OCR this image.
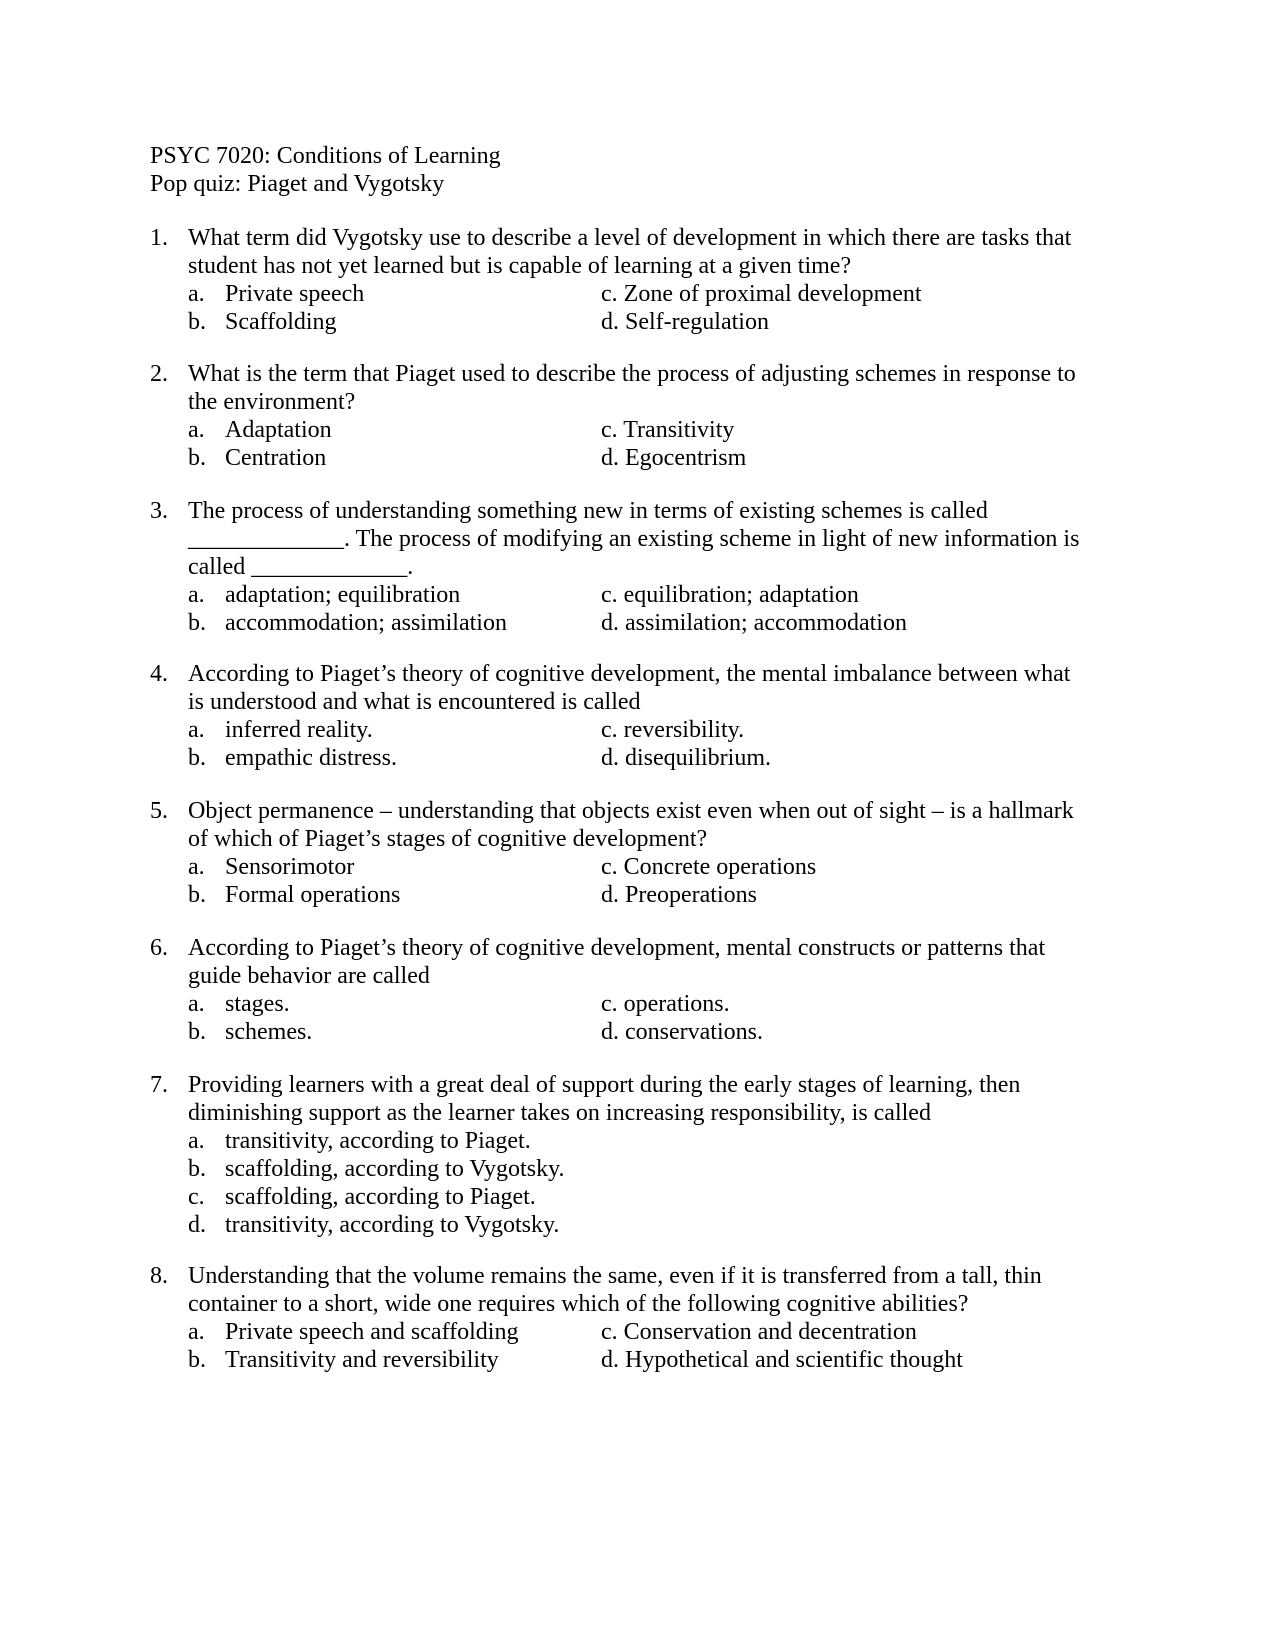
PSYC 7020: Conditions of Learning
Pop quiz: Piaget and Vygotsky
1. What term did Vygotsky use to describe a level of development in which there are tasks that
student has not yet learned but is capable of learning at a given time?
a. Private speech	c. Zone of proximal development
b. Scaffolding	d. Self-regulation
2. What is the term that Piaget used to describe the process of adjusting schemes in response to
the environment?
a. Adaptation	c. Transitivity
b. Centration	d. Egocentrism
3. The process of understanding something new in terms of existing schemes is called
_____________. The process of modifying an existing scheme in light of new information is
called _____________.
a. adaptation; equilibration	c. equilibration; adaptation
b. accommodation; assimilation	d. assimilation; accommodation
4. According to Piaget’s theory of cognitive development, the mental imbalance between what
is understood and what is encountered is called
a. inferred reality.	c. reversibility.
b. empathic distress.	d. disequilibrium.
5. Object permanence – understanding that objects exist even when out of sight – is a hallmark
of which of Piaget’s stages of cognitive development?
a. Sensorimotor	c. Concrete operations
b. Formal operations	d. Preoperations
6. According to Piaget’s theory of cognitive development, mental constructs or patterns that
guide behavior are called
a. stages.	c. operations.
b. schemes.	d. conservations.
7. Providing learners with a great deal of support during the early stages of learning, then
diminishing support as the learner takes on increasing responsibility, is called
a. transitivity, according to Piaget.
b. scaffolding, according to Vygotsky.
c. scaffolding, according to Piaget.
d. transitivity, according to Vygotsky.
8. Understanding that the volume remains the same, even if it is transferred from a tall, thin
container to a short, wide one requires which of the following cognitive abilities?
a. Private speech and scaffolding	c. Conservation and decentration
b. Transitivity and reversibility	d. Hypothetical and scientific thought
